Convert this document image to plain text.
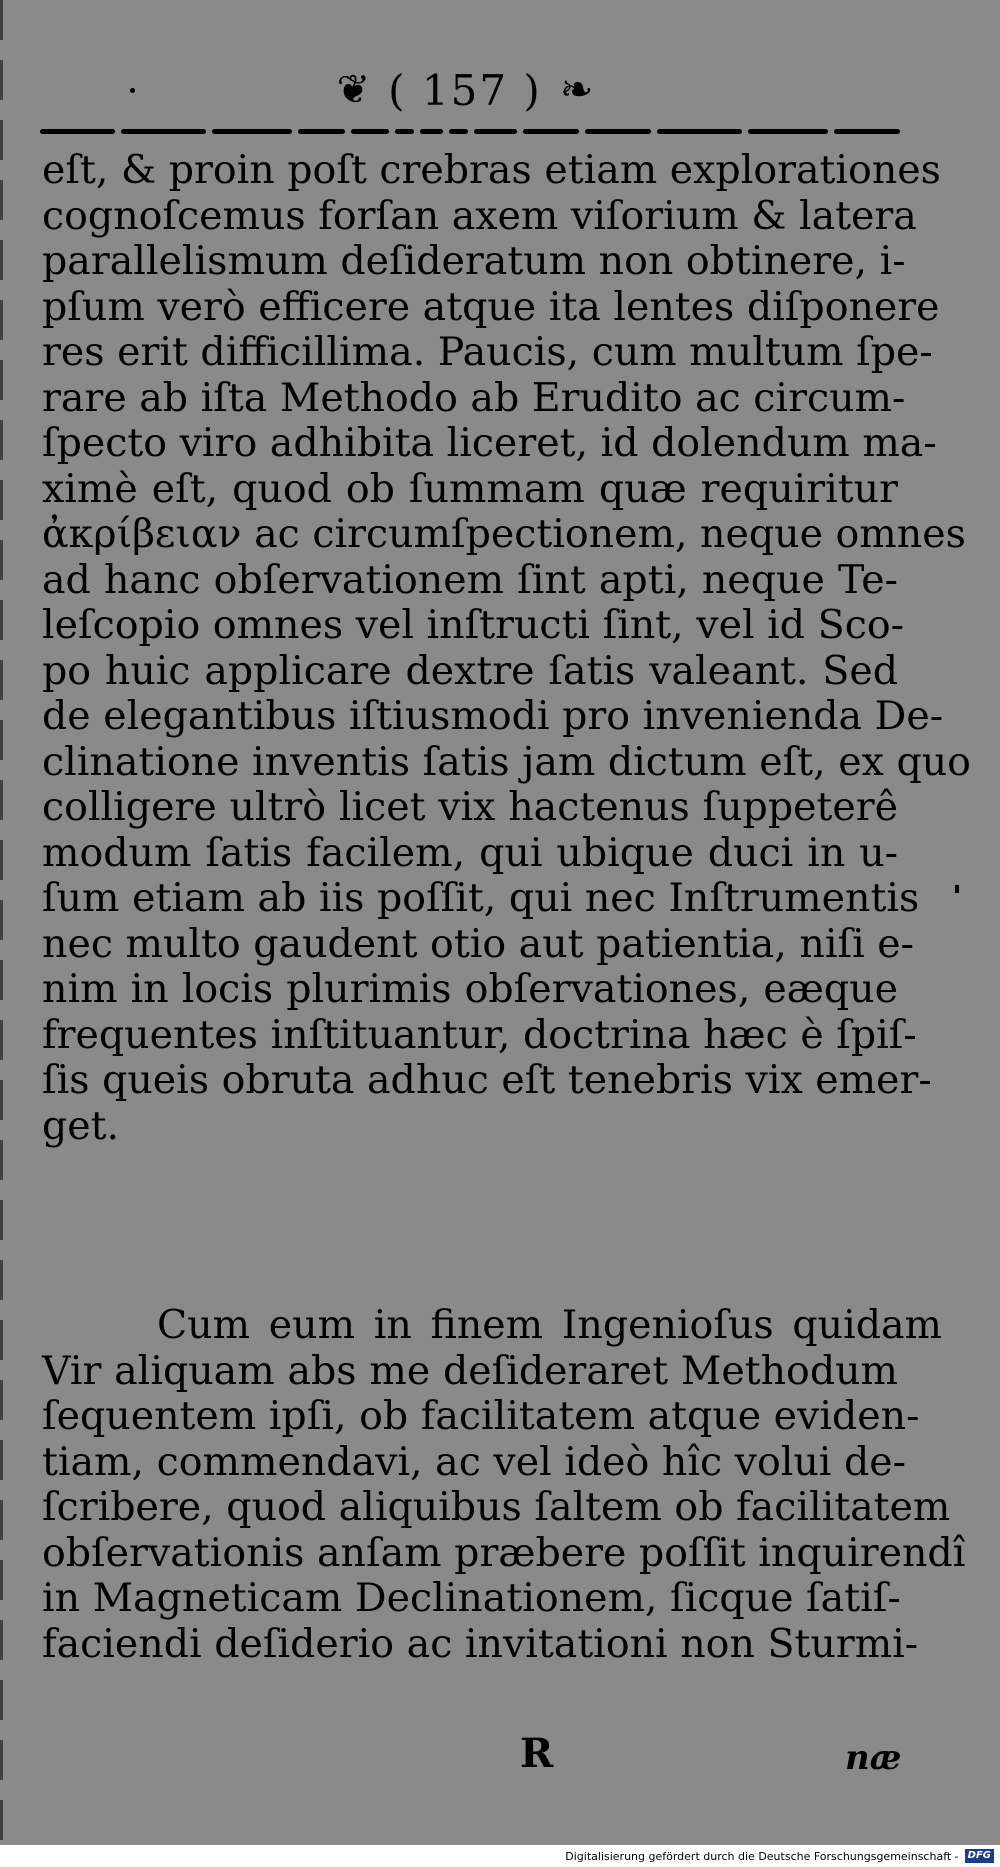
❦ ( 157 ) ❧
eſt, & proin poſt crebras etiam explorationes
cognoſcemus forſan axem viſorium & latera
parallelismum deſideratum non obtinere, i-
pſum verò efficere atque ita lentes diſponere
res erit difficillima. Paucis, cum multum ſpe-
rare ab iſta Methodo ab Erudito ac circum-
ſpecto viro adhibita liceret, id dolendum ma-
ximè eſt, quod ob ſummam quæ requiritur
ἀκρίβειαν ac circumſpectionem, neque omnes
ad hanc obſervationem ſint apti, neque Te-
leſcopio omnes vel inſtructi ſint, vel id Sco-
po huic applicare dextre ſatis valeant. Sed
de elegantibus iſtiusmodi pro invenienda De-
clinatione inventis ſatis jam dictum eſt, ex quo
colligere ultrò licet vix hactenus ſuppeterê
modum ſatis facilem, qui ubique duci in u-
ſum etiam ab iis poſſit, qui nec Inſtrumentis
nec multo gaudent otio aut patientia, niſi e-
nim in locis plurimis obſervationes, eæque
frequentes inſtituantur, doctrina hæc è ſpiſ-
ſis queis obruta adhuc eſt tenebris vix emer-
get.
Cum eum in finem Ingenioſus quidam
Vir aliquam abs me deſideraret Methodum
ſequentem ipſi, ob facilitatem atque eviden-
tiam, commendavi, ac vel ideò hîc volui de-
ſcribere, quod aliquibus ſaltem ob facilitatem
obſervationis anſam præbere poſſit inquirendî
in Magneticam Declinationem, ſicque ſatiſ-
faciendi deſiderio ac invitationi non Sturmi-
R	næ
Digitalisierung gefördert durch die Deutsche Forschungsgemeinschaft - DFG
